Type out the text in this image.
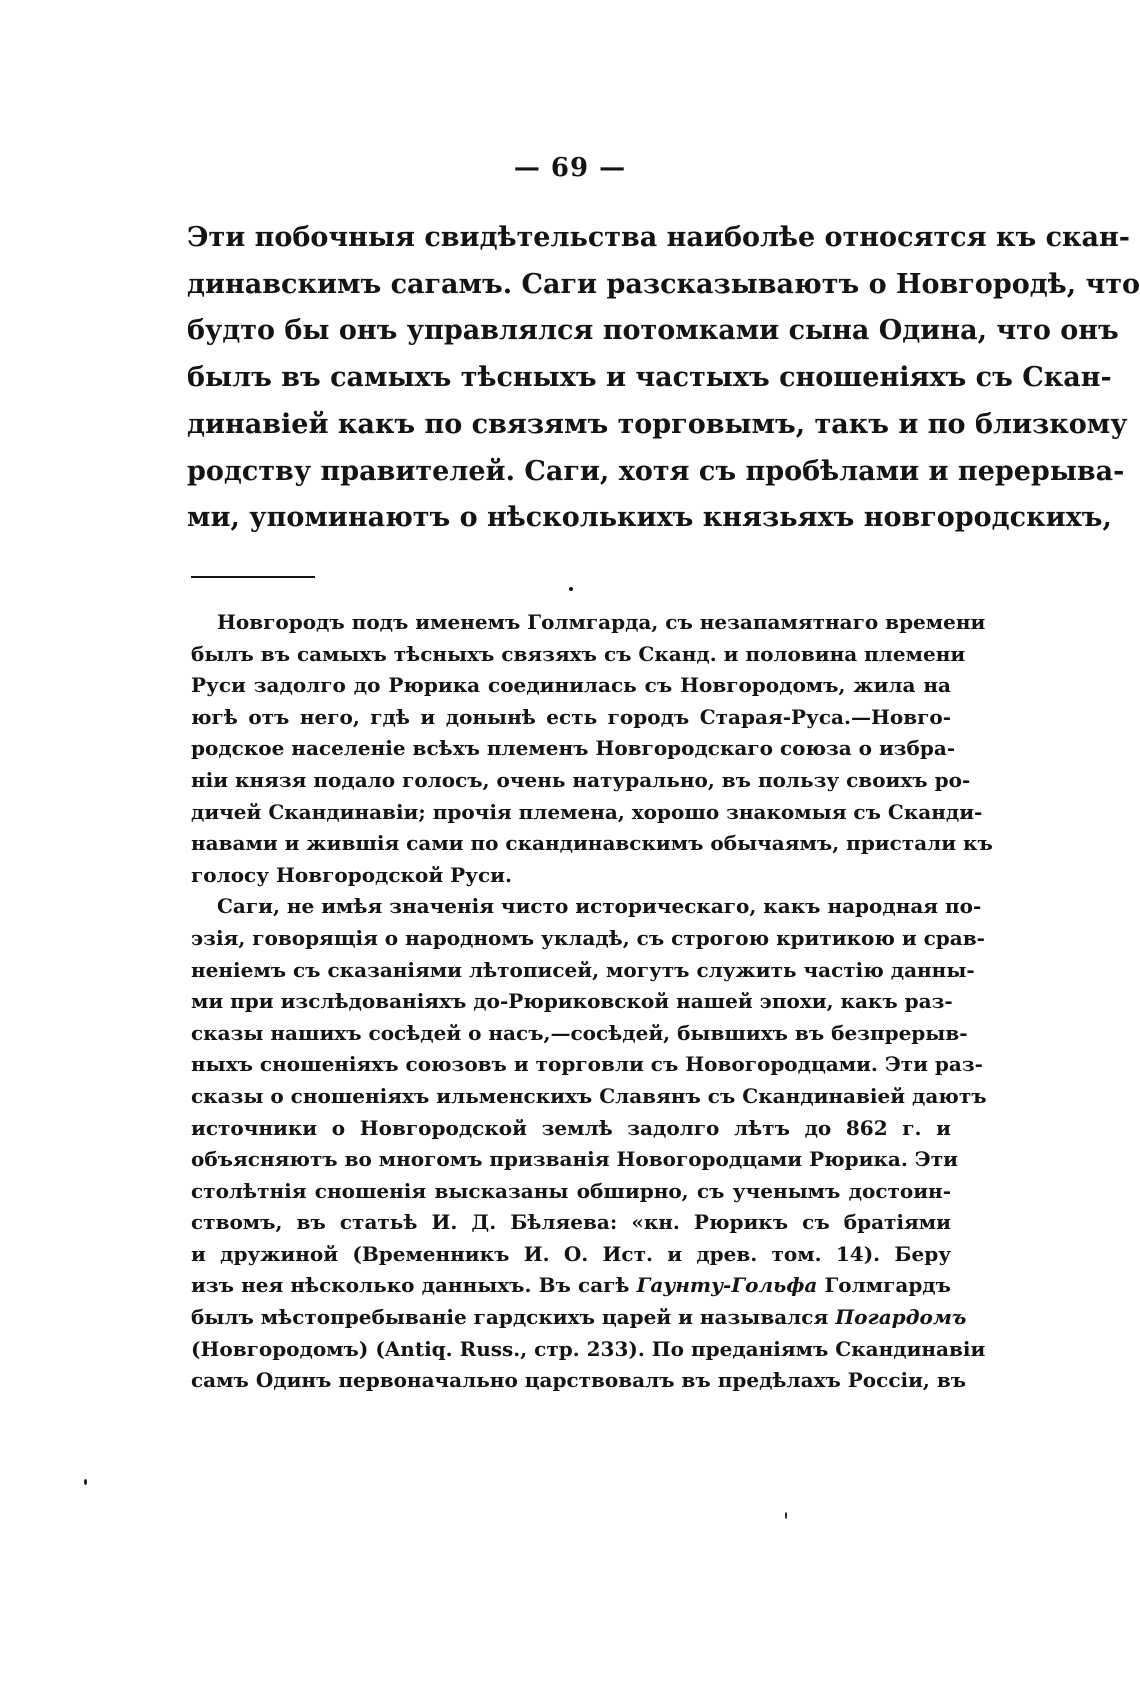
— 69 —
Эти побочныя свидѣтельства наиболѣе относятся къ скан-
динавскимъ сагамъ. Саги разсказываютъ о Новгородѣ, что
будто бы онъ управлялся потомками сына Одина, что онъ
былъ въ самыхъ тѣсныхъ и частыхъ сношеніяхъ съ Скан-
динавіей какъ по связямъ торговымъ, такъ и по близкому
родству правителей. Саги, хотя съ пробѣлами и перерыва-
ми, упоминаютъ о нѣсколькихъ князьяхъ новгородскихъ,
Новгородъ подъ именемъ Голмгарда, съ незапамятнаго времени
былъ въ самыхъ тѣсныхъ связяхъ съ Сканд. и половина племени
Руси задолго до Рюрика соединилась съ Новгородомъ, жила на
югѣ отъ него, гдѣ и донынѣ есть городъ Старая-Руса.—Новго-
родское населеніе всѣхъ племенъ Новгородскаго союза о избра-
ніи князя подало голосъ, очень натурально, въ пользу своихъ ро-
дичей Скандинавіи; прочія племена, хорошо знакомыя съ Сканди-
навами и жившія сами по скандинавскимъ обычаямъ, пристали къ
голосу Новгородской Руси.
Саги, не имѣя значенія чисто историческаго, какъ народная по-
эзія, говорящія о народномъ укладѣ, съ строгою критикою и срав-
неніемъ съ сказаніями лѣтописей, могутъ служить частію данны-
ми при изслѣдованіяхъ до-Рюриковской нашей эпохи, какъ раз-
сказы нашихъ сосѣдей о насъ,—сосѣдей, бывшихъ въ безпрерыв-
ныхъ сношеніяхъ союзовъ и торговли съ Новогородцами. Эти раз-
сказы о сношеніяхъ ильменскихъ Славянъ съ Скандинавіей даютъ
источники о Новгородской землѣ задолго лѣтъ до 862 г. и
объясняютъ во многомъ призванія Новогородцами Рюрика. Эти
столѣтнія сношенія высказаны обширно, съ ученымъ достоин-
ствомъ, въ статьѣ И. Д. Бѣляева: «кн. Рюрикъ съ братіями
и дружиной (Временникъ И. О. Ист. и древ. том. 14). Беру
изъ нея нѣсколько данныхъ. Въ сагѣ Гаунту-Гольфа Голмгардъ
былъ мѣстопребываніе гардскихъ царей и назывался Погардомъ
(Новгородомъ) (Antiq. Russ., стр. 233). По преданіямъ Скандинавіи
самъ Одинъ первоначально царствовалъ въ предѣлахъ Россіи, въ
